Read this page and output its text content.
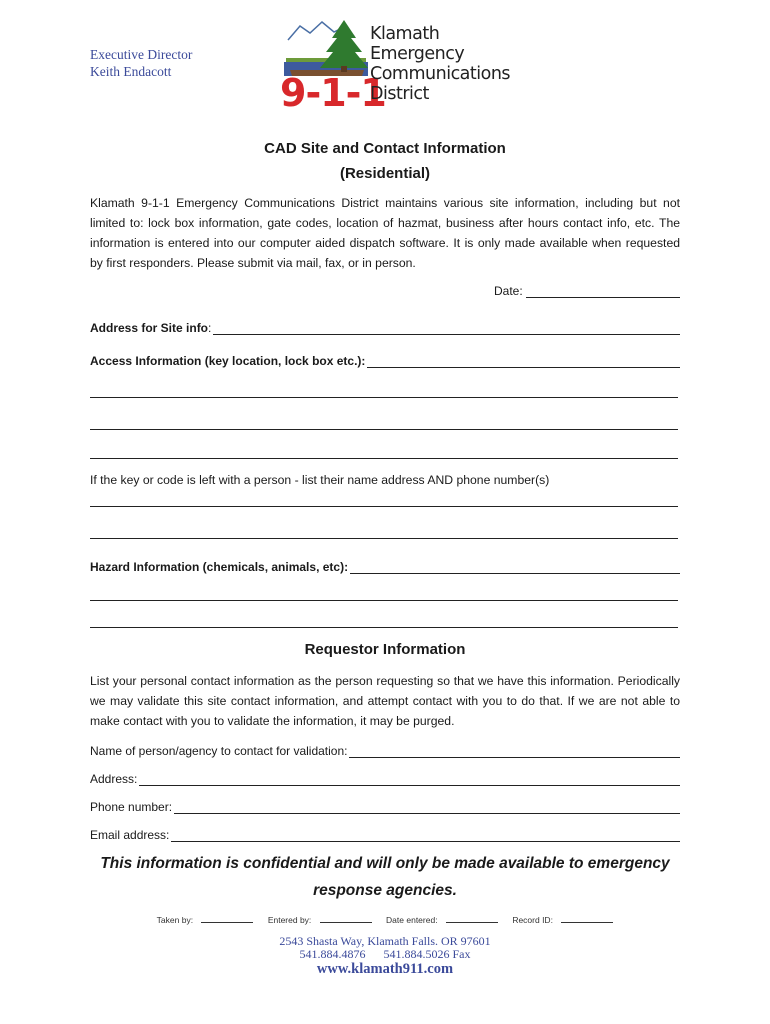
Executive Director
Keith Endacott	9-1-1
Klamath
Emergency
Communications
District
CAD Site and Contact Information
(Residential)
Klamath 9-1-1 Emergency Communications District maintains various site information, including but not limited to: lock box information, gate codes, location of hazmat, business after hours contact info, etc. The information is entered into our computer aided dispatch software. It is only made available when requested by first responders. Please submit via mail, fax, or in person.
Date:
Address for Site info:
Access Information (key location, lock box etc.):
If the key or code is left with a person - list their name address AND phone number(s)
Hazard Information (chemicals, animals, etc):
Requestor Information
List your personal contact information as the person requesting so that we have this information. Periodically we may validate this site contact information, and attempt contact with you to do that. If we are not able to make contact with you to validate the information, it may be purged.
Name of person/agency to contact for validation:
Address:
Phone number:
Email address:
This information is confidential and will only be made available to emergency response agencies.
Taken by:	Entered by:	Date entered:	Record ID:
2543 Shasta Way, Klamath Falls. OR 97601
541.884.4876      541.884.5026 Fax
www.klamath911.com
